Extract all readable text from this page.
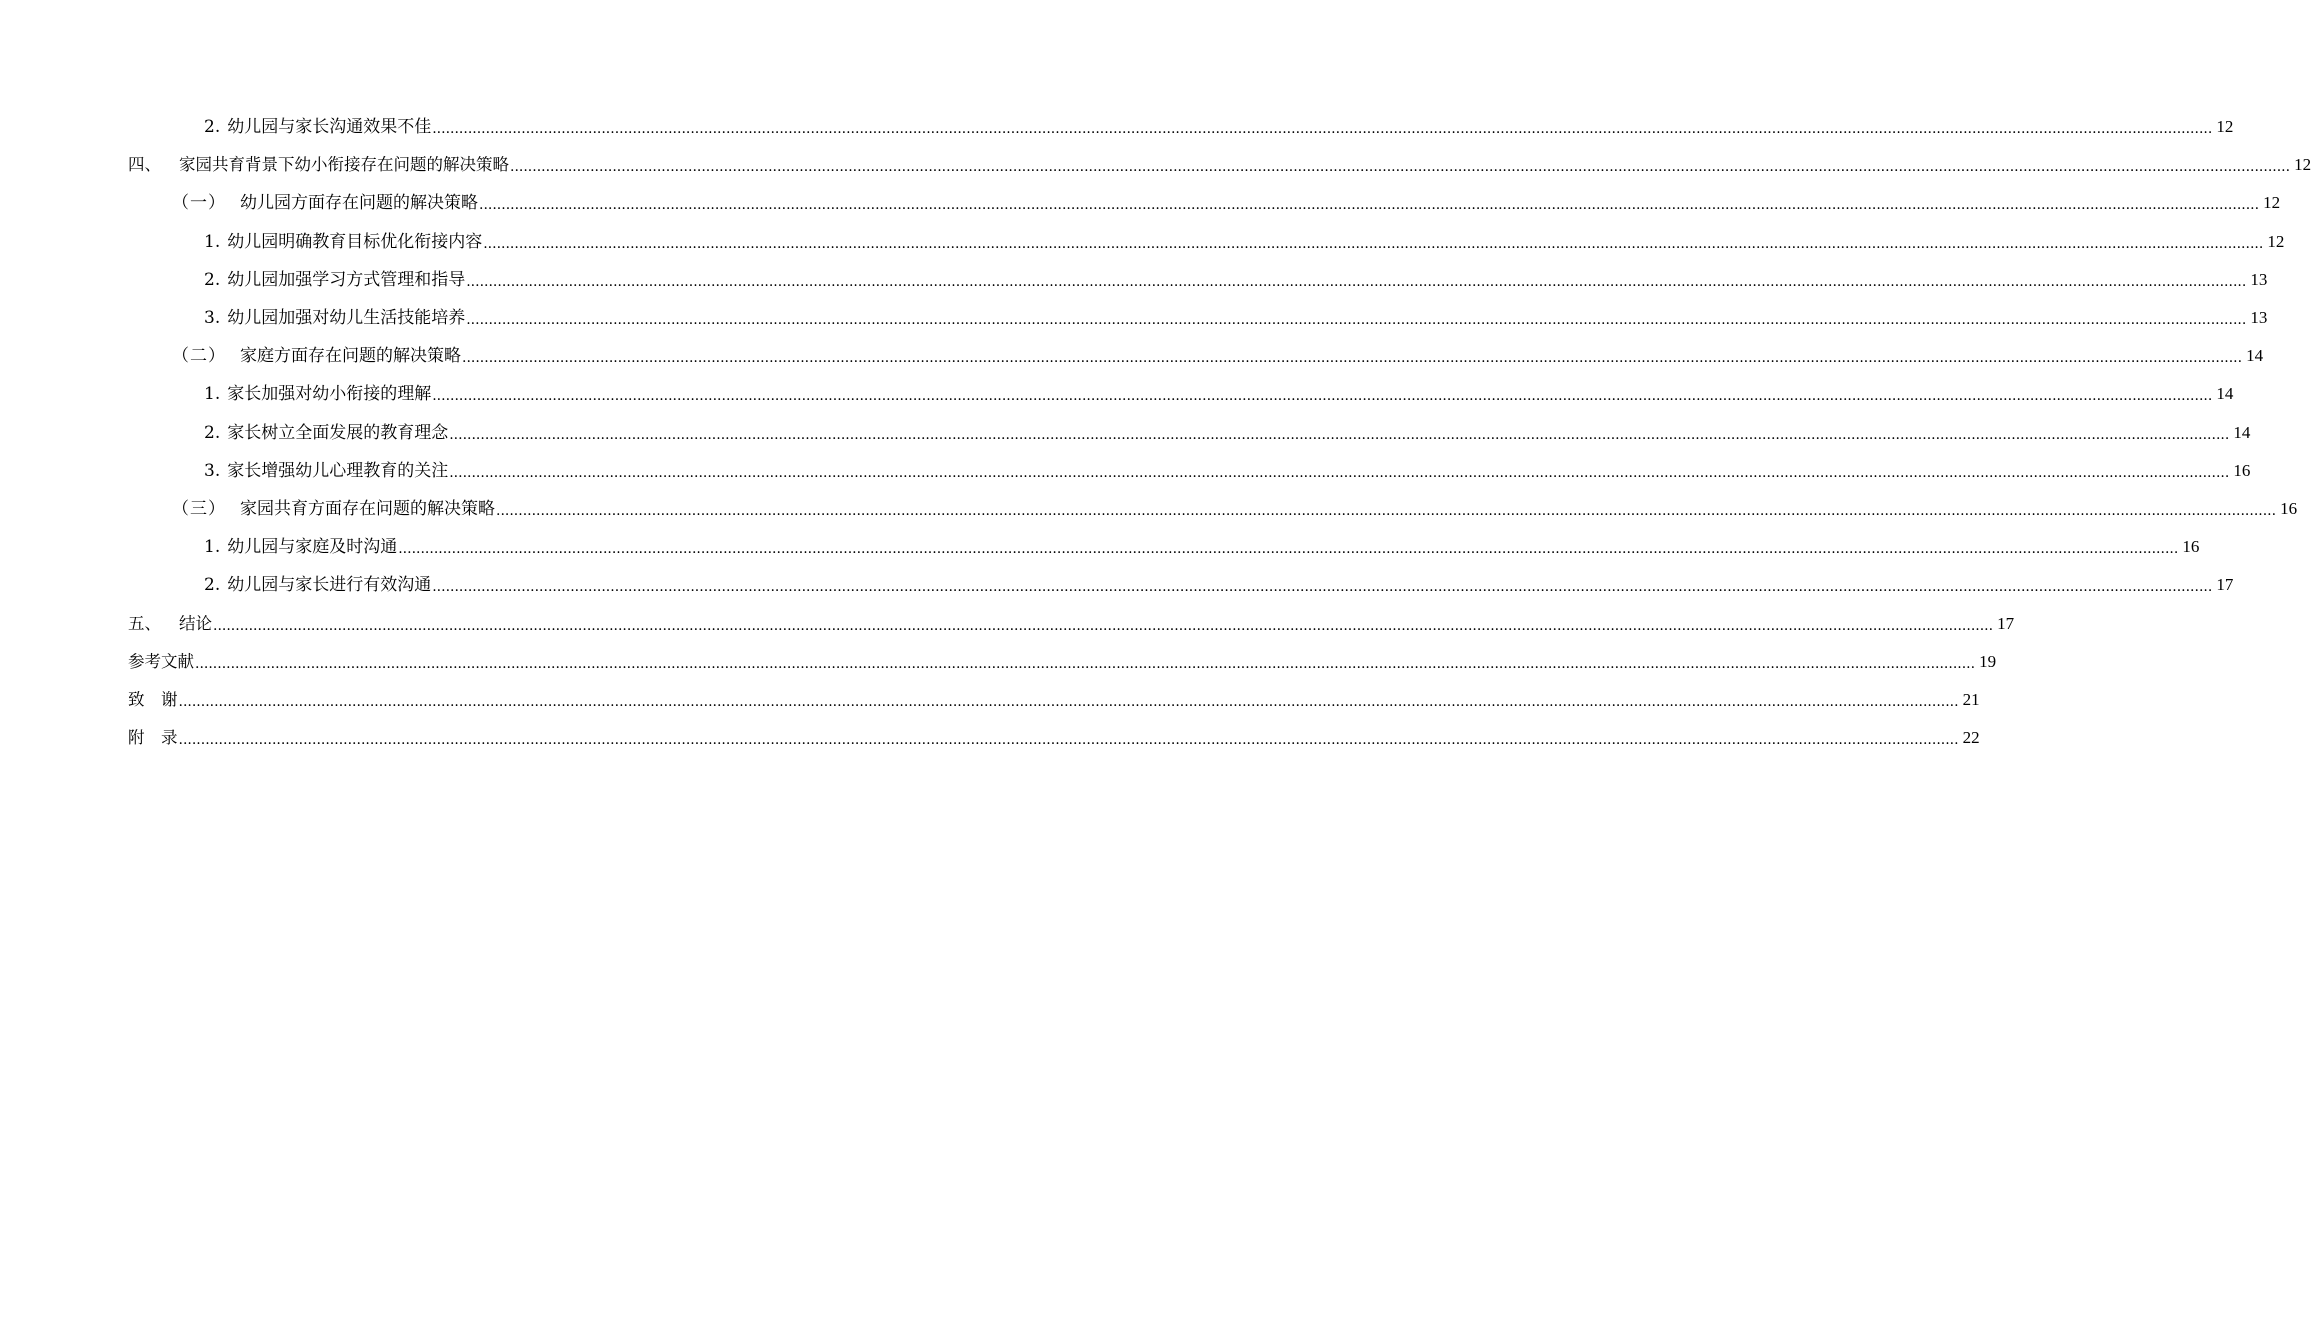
2. 幼儿园与家长沟通效果不佳 ................................................................................................................................................................................................................................................................................................................................................................................................................ 12
四、 家园共育背景下幼小衔接存在问题的解决策略 ................................................................................................................................................................................................................................................................................................................................................................................................................ 12
（一） 幼儿园方面存在问题的解决策略 ................................................................................................................................................................................................................................................................................................................................................................................................................ 12
1. 幼儿园明确教育目标优化衔接内容 ................................................................................................................................................................................................................................................................................................................................................................................................................ 12
2. 幼儿园加强学习方式管理和指导 ................................................................................................................................................................................................................................................................................................................................................................................................................ 13
3. 幼儿园加强对幼儿生活技能培养 ................................................................................................................................................................................................................................................................................................................................................................................................................ 13
（二） 家庭方面存在问题的解决策略 ................................................................................................................................................................................................................................................................................................................................................................................................................ 14
1. 家长加强对幼小衔接的理解 ................................................................................................................................................................................................................................................................................................................................................................................................................ 14
2. 家长树立全面发展的教育理念 ................................................................................................................................................................................................................................................................................................................................................................................................................ 14
3. 家长增强幼儿心理教育的关注 ................................................................................................................................................................................................................................................................................................................................................................................................................ 16
（三） 家园共育方面存在问题的解决策略 ................................................................................................................................................................................................................................................................................................................................................................................................................ 16
1. 幼儿园与家庭及时沟通 ................................................................................................................................................................................................................................................................................................................................................................................................................ 16
2. 幼儿园与家长进行有效沟通 ................................................................................................................................................................................................................................................................................................................................................................................................................ 17
五、 结论 ................................................................................................................................................................................................................................................................................................................................................................................................................ 17
参考文献 ................................................................................................................................................................................................................................................................................................................................................................................................................ 19
致　谢 ................................................................................................................................................................................................................................................................................................................................................................................................................ 21
附　录 ................................................................................................................................................................................................................................................................................................................................................................................................................ 22
